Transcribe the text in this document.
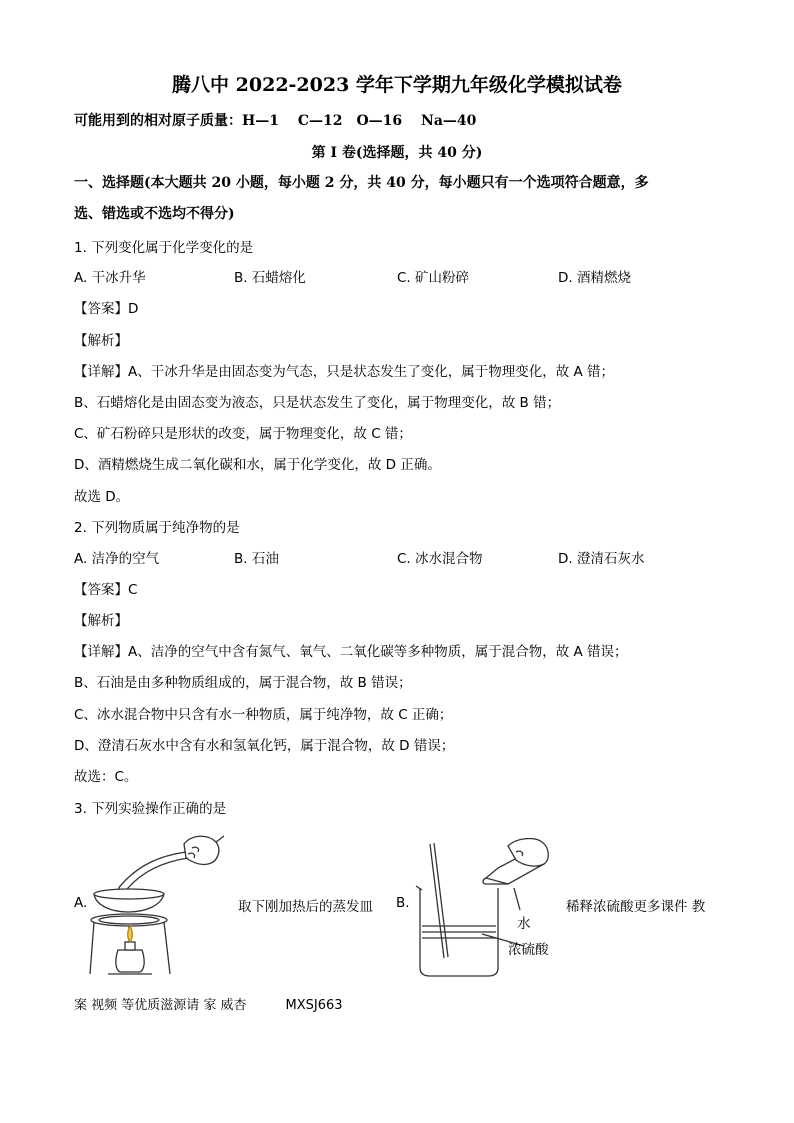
腾八中 2022-2023 学年下学期九年级化学模拟试卷
可能用到的相对原子质量：H—1　 C—12　O—16　 Na—40
第 I 卷(选择题，共 40 分)
一、选择题(本大题共 20 小题，每小题 2 分，共 40 分，每小题只有一个选项符合题意，多
选、错选或不选均不得分)
1. 下列变化属于化学变化的是
A. 干冰升华	B. 石蜡熔化	C. 矿山粉碎	D. 酒精燃烧
【答案】D
【解析】
【详解】A、干冰升华是由固态变为气态，只是状态发生了变化，属于物理变化，故 A 错；
B、石蜡熔化是由固态变为液态，只是状态发生了变化，属于物理变化，故 B 错；
C、矿石粉碎只是形状的改变，属于物理变化，故 C 错；
D、酒精燃烧生成二氧化碳和水，属于化学变化，故 D 正确。
故选 D。
2. 下列物质属于纯净物的是
A. 洁净的空气	B. 石油	C. 冰水混合物	D. 澄清石灰水
【答案】C
【解析】
【详解】A、洁净的空气中含有氮气、氧气、二氧化碳等多种物质，属于混合物，故 A 错误；
B、石油是由多种物质组成的，属于混合物，故 B 错误；
C、冰水混合物中只含有水一种物质，属于纯净物，故 C 正确；
D、澄清石灰水中含有水和氢氧化钙，属于混合物，故 D 错误；
故选：C。
3. 下列实验操作正确的是
A.	取下刚加热后的蒸发皿 B.
水
浓硫酸
稀释浓硫酸更多课件 教
案 视频 等优质滋源请 家 威杏　　　MXSJ663
